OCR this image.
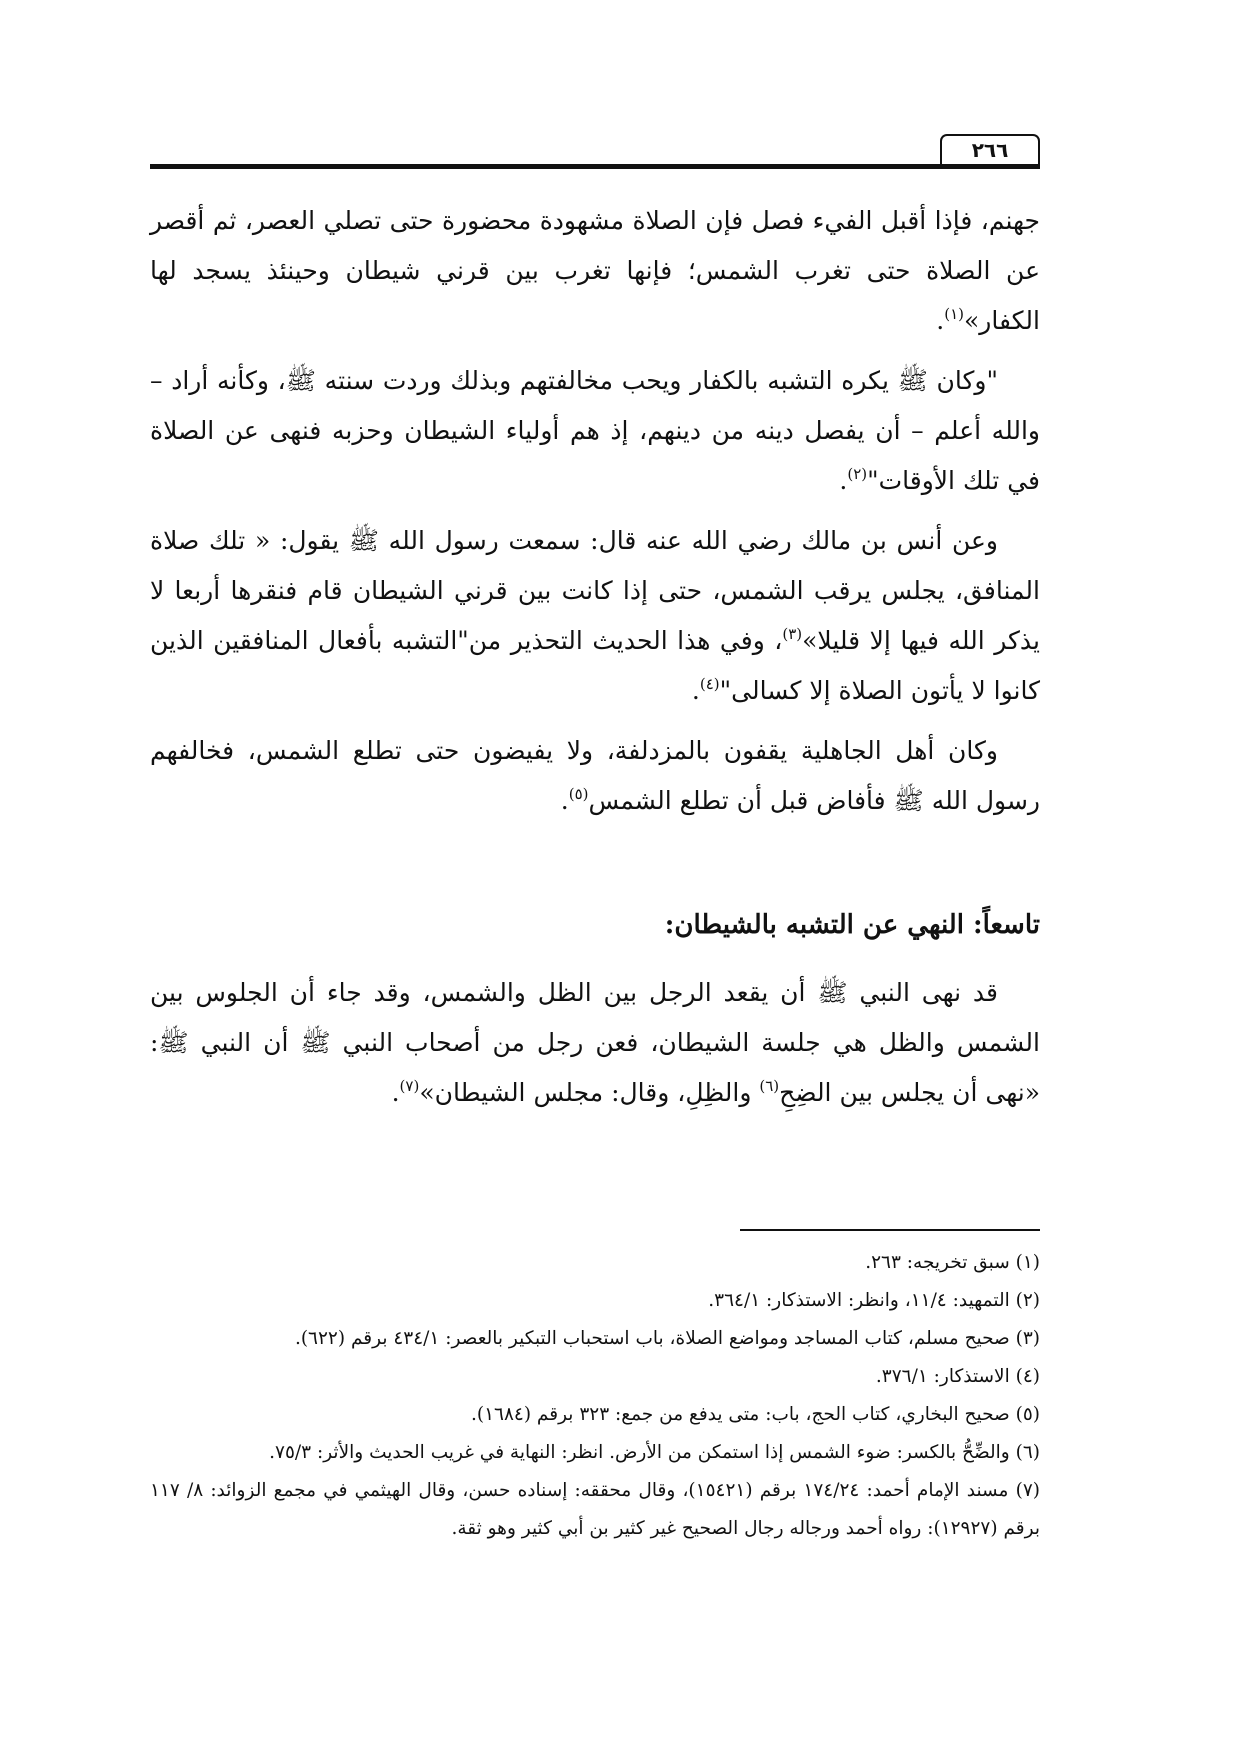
٢٦٦

جهنم، فإذا أقبل الفيء فصل فإن الصلاة مشهودة محضورة حتى تصلي العصر، ثم أقصر عن الصلاة حتى تغرب الشمس؛ فإنها تغرب بين قرني شيطان وحينئذ يسجد لها الكفار»$^{(١)}$.

"وكان ﷺ يكره التشبه بالكفار ويحب مخالفتهم وبذلك وردت سنته ﷺ، وكأنه أراد – والله أعلم – أن يفصل دينه من دينهم، إذ هم أولياء الشيطان وحزبه فنهى عن الصلاة في تلك الأوقات"$^{(٢)}$.

وعن أنس بن مالك رضي الله عنه قال: سمعت رسول الله ﷺ يقول: « تلك صلاة المنافق، يجلس يرقب الشمس، حتى إذا كانت بين قرني الشيطان قام فنقرها أربعا لا يذكر الله فيها إلا قليلا»$^{(٣)}$، وفي هذا الحديث التحذير من"التشبه بأفعال المنافقين الذين كانوا لا يأتون الصلاة إلا كسالى"$^{(٤)}$.

وكان أهل الجاهلية يقفون بالمزدلفة، ولا يفيضون حتى تطلع الشمس، فخالفهم رسول الله ﷺ فأفاض قبل أن تطلع الشمس$^{(٥)}$.

تاسعاً: النهي عن التشبه بالشيطان:

قد نهى النبي ﷺ أن يقعد الرجل بين الظل والشمس، وقد جاء أن الجلوس بين الشمس والظل هي جلسة الشيطان، فعن رجل من أصحاب النبي ﷺ أن النبي ﷺ: «نهى أن يجلس بين الضِحِ$^{(٦)}$ والظِلِ، وقال: مجلس الشيطان»$^{(٧)}$.

(١) سبق تخريجه: ٢٦٣.

(٢) التمهيد: ١١/٤، وانظر: الاستذكار: ٣٦٤/١.

(٣) صحيح مسلم، كتاب المساجد ومواضع الصلاة، باب استحباب التبكير بالعصر: ٤٣٤/١ برقم (٦٢٢).

(٤) الاستذكار: ٣٧٦/١.

(٥) صحيح البخاري، كتاب الحج، باب: متى يدفع من جمع: ٣٢٣ برقم (١٦٨٤).

(٦) والضِّحُّ بالكسر: ضوء الشمس إذا استمكن من الأرض. انظر: النهاية في غريب الحديث والأثر: ٧٥/٣.

(٧) مسند الإمام أحمد: ١٧٤/٢٤ برقم (١٥٤٢١)، وقال محققه: إسناده حسن، وقال الهيثمي في مجمع الزوائد: ٨/ ١١٧ برقم (١٢٩٢٧): رواه أحمد ورجاله رجال الصحيح غير كثير بن أبي كثير وهو ثقة.
